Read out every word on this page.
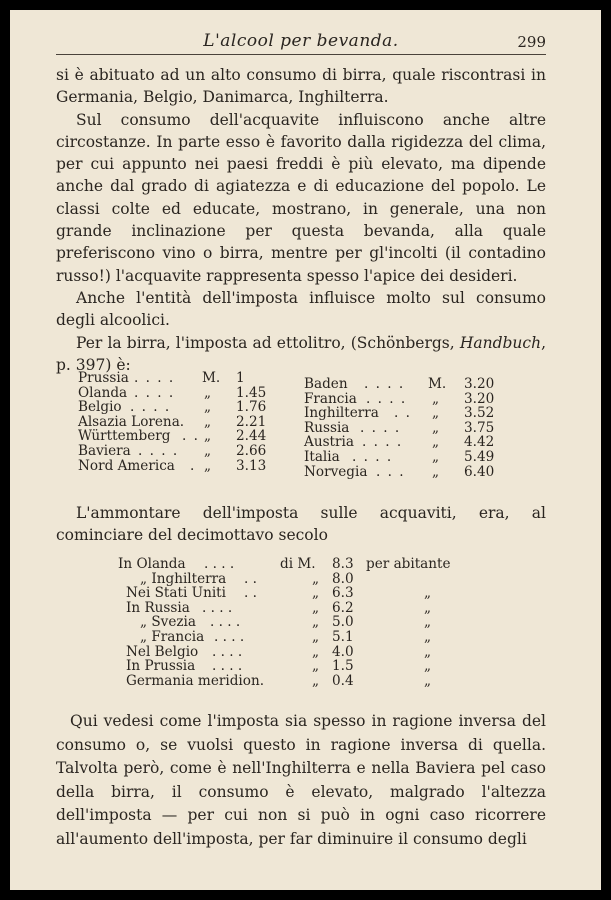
L'alcool per bevanda.	299

si è abituato ad un alto consumo di birra, quale riscontrasi in Germania, Belgio, Danimarca, Inghilterra.

Sul consumo dell'acquavite influiscono anche altre circostanze. In parte esso è favorito dalla rigidezza del clima, per cui appunto nei paesi freddi è più elevato, ma dipende anche dal grado di agiatezza e di educazione del popolo. Le classi colte ed educate, mostrano, in generale, una non grande inclinazione per questa bevanda, alla quale preferiscono vino o birra, mentre per gl'incolti (il contadino russo!) l'acquavite rappresenta spesso l'apice dei desideri.

Anche l'entità dell'imposta influisce molto sul consumo degli alcoolici.

Per la birra, l'imposta ad ettolitro, (Schönbergs, Handbuch, p. 397) è:

Prussia . . . . M. 1
Olanda . . . . „ 1.45
Belgio . . . . „ 1.76
Alsazia Lorena. „ 2.21
Württemberg . . „ 2.44
Baviera . . . . „ 2.66
Nord America . „ 3.13
Baden . . . . M. 3.20
Francia . . . . „ 3.20
Inghilterra . . „ 3.52
Russia . . . . „ 3.75
Austria . . . . „ 4.42
Italia . . . .	„ 5.49
Norvegia . . . „ 6.40

L'ammontare dell'imposta sulle acquaviti, era, al cominciare del decimottavo secolo

In Olanda . . . .	di M. 8.3 per abitante
„ Inghilterra . .	„ 8.0
Nei Stati Uniti . .	„ 6.3	„
In Russia . . . .	„ 6.2	„
„ Svezia . . . .	„ 5.0	„
„ Francia . . . .	„ 5.1	„
Nel Belgio . . . .	„ 4.0	„
In Prussia . . . .	„ 1.5	„
Germania meridion.	„ 0.4	„

Qui vedesi come l'imposta sia spesso in ragione inversa del consumo o, se vuolsi questo in ragione inversa di quella. Talvolta però, come è nell'Inghilterra e nella Baviera pel caso della birra, il consumo è elevato, malgrado l'altezza dell'imposta — per cui non si può in ogni caso ricorrere all'aumento dell'imposta, per far diminuire il consumo degli
